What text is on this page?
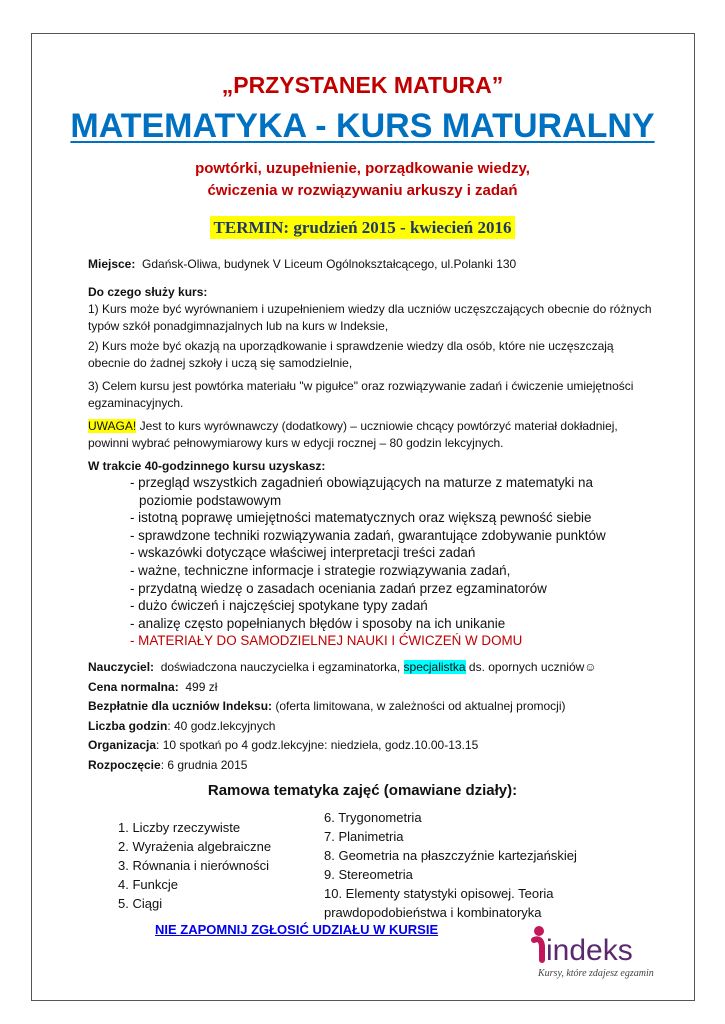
„PRZYSTANEK MATURA”
MATEMATYKA - KURS MATURALNY
powtórki, uzupełnienie, porządkowanie wiedzy,
ćwiczenia w rozwiązywaniu arkuszy i zadań
TERMIN: grudzień 2015 - kwiecień 2016
Miejsce: Gdańsk-Oliwa, budynek V Liceum Ogólnokształcącego, ul.Polanki 130
Do czego służy kurs:
1) Kurs może być wyrównaniem i uzupełnieniem wiedzy dla uczniów uczęszczających obecnie do różnych typów szkół ponadgimnazjalnych lub na kurs w Indeksie,
2) Kurs może być okazją na uporządkowanie i sprawdzenie wiedzy dla osób, które nie uczęszczają obecnie do żadnej szkoły i uczą się samodzielnie,
3) Celem kursu jest powtórka materiału "w pigułce" oraz rozwiązywanie zadań i ćwiczenie umiejętności egzaminacyjnych.
UWAGA! Jest to kurs wyrównawczy (dodatkowy) – uczniowie chcący powtórzyć materiał dokładniej, powinni wybrać pełnowymiarowy kurs w edycji rocznej – 80 godzin lekcyjnych.
W trakcie 40-godzinnego kursu uzyskasz:
- przegląd wszystkich zagadnień obowiązujących na maturze z matematyki na poziomie podstawowym
- istotną poprawę umiejętności matematycznych oraz większą pewność siebie
- sprawdzone techniki rozwiązywania zadań, gwarantujące zdobywanie punktów
- wskazówki dotyczące właściwej interpretacji treści zadań
- ważne, techniczne informacje i strategie rozwiązywania zadań,
- przydatną wiedzę o zasadach oceniania zadań przez egzaminatorów
- dużo ćwiczeń i najczęściej spotykane typy zadań
- analizę często popełnianych błędów i sposoby na ich unikanie
- MATERIAŁY DO SAMODZIELNEJ NAUKI I ĆWICZEŃ W DOMU
Nauczyciel: doświadczona nauczycielka i egzaminatorka, specjalistka ds. opornych uczniów☺
Cena normalna: 499 zł
Bezpłatnie dla uczniów Indeksu: (oferta limitowana, w zależności od aktualnej promocji)
Liczba godzin: 40 godz.lekcyjnych
Organizacja: 10 spotkań po 4 godz.lekcyjne: niedziela, godz.10.00-13.15
Rozpoczęcie: 6 grudnia 2015
Ramowa tematyka zajęć (omawiane działy):
1. Liczby rzeczywiste
2. Wyrażenia algebraiczne
3. Równania i nierówności
4. Funkcje
5. Ciągi
6. Trygonometria
7. Planimetria
8. Geometria na płaszczyźnie kartezjańskiej
9. Stereometria
10. Elementy statystyki opisowej. Teoria prawdopodobieństwa i kombinatoryka
NIE ZAPOMNIJ ZGŁOSIĆ UDZIAŁU W KURSIE
indeks
Kursy, które zdajesz egzamin
